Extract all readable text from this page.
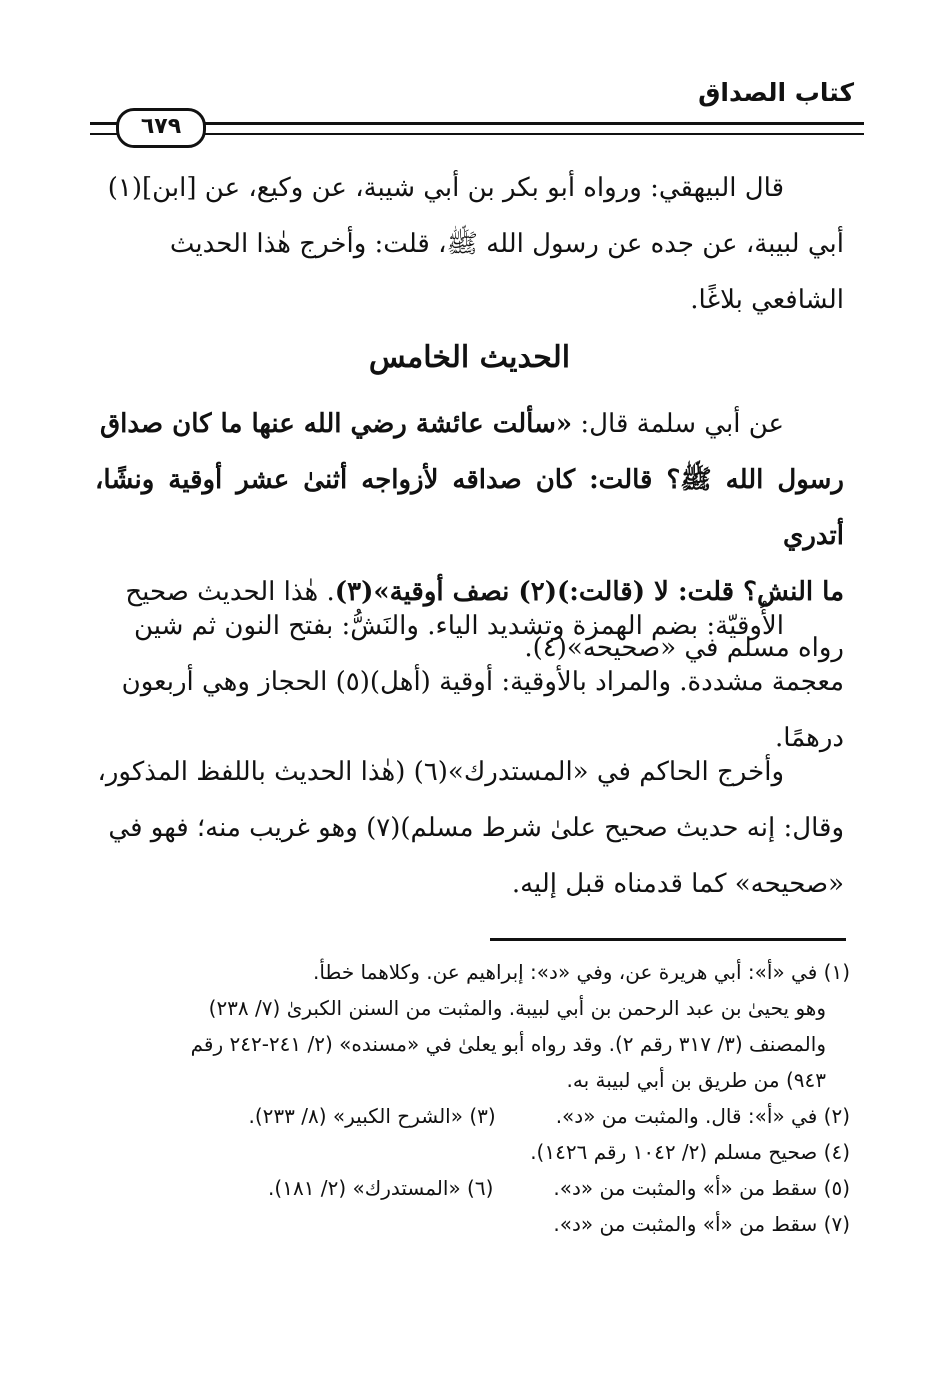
كتاب الصداق
٦٧٩

قال البيهقي: ورواه أبو بكر بن أبي شيبة، عن وكيع، عن [ابن](١)

أبي لبيبة، عن جده عن رسول الله ﷺ، قلت: وأخرج هٰذا الحديث

الشافعي بلاغًا.

الحديث الخامس

عن أبي سلمة قال: «سألت عائشة رضي الله عنها ما كان صداق

رسول الله ﷺ؟ قالت: كان صداقه لأزواجه أثنىٰ عشر أوقية ونشًا، أتدري

ما النش؟ قلت: لا (قالت:)(٢) نصف أوقية»(٣). هٰذا الحديث صحيح

رواه مسلم في «صحيحه»(٤).

الأُوقيّة: بضم الهمزة وتشديد الياء. والنَشُّ: بفتح النون ثم شين

معجمة مشددة. والمراد بالأوقية: أوقية (أهل)(٥) الحجاز وهي أربعون

درهمًا.

وأخرج الحاكم في «المستدرك»(٦) (هٰذا الحديث باللفظ المذكور،

وقال: إنه حديث صحيح علىٰ شرط مسلم)(٧) وهو غريب منه؛ فهو في

«صحيحه» كما قدمناه قبل إليه.

(١) في «أ»: أبي هريرة عن، وفي «د»: إبراهيم عن. وكلاهما خطأ.

وهو يحيىٰ بن عبد الرحمن بن أبي لبيبة. والمثبت من السنن الكبرىٰ (٧/ ٢٣٨)

والمصنف (٣/ ٣١٧ رقم ٢). وقد رواه أبو يعلىٰ في «مسنده» (٢/ ٢٤١-٢٤٢ رقم

٩٤٣) من طريق بن أبي لبيبة به.

(٢) في «أ»: قال. والمثبت من «د».
(٣) «الشرح الكبير» (٨/ ٢٣٣).

(٤) صحيح مسلم (٢/ ١٠٤٢ رقم ١٤٢٦).

(٥) سقط من «أ» والمثبت من «د».
(٦) «المستدرك» (٢/ ١٨١).

(٧) سقط من «أ» والمثبت من «د».
